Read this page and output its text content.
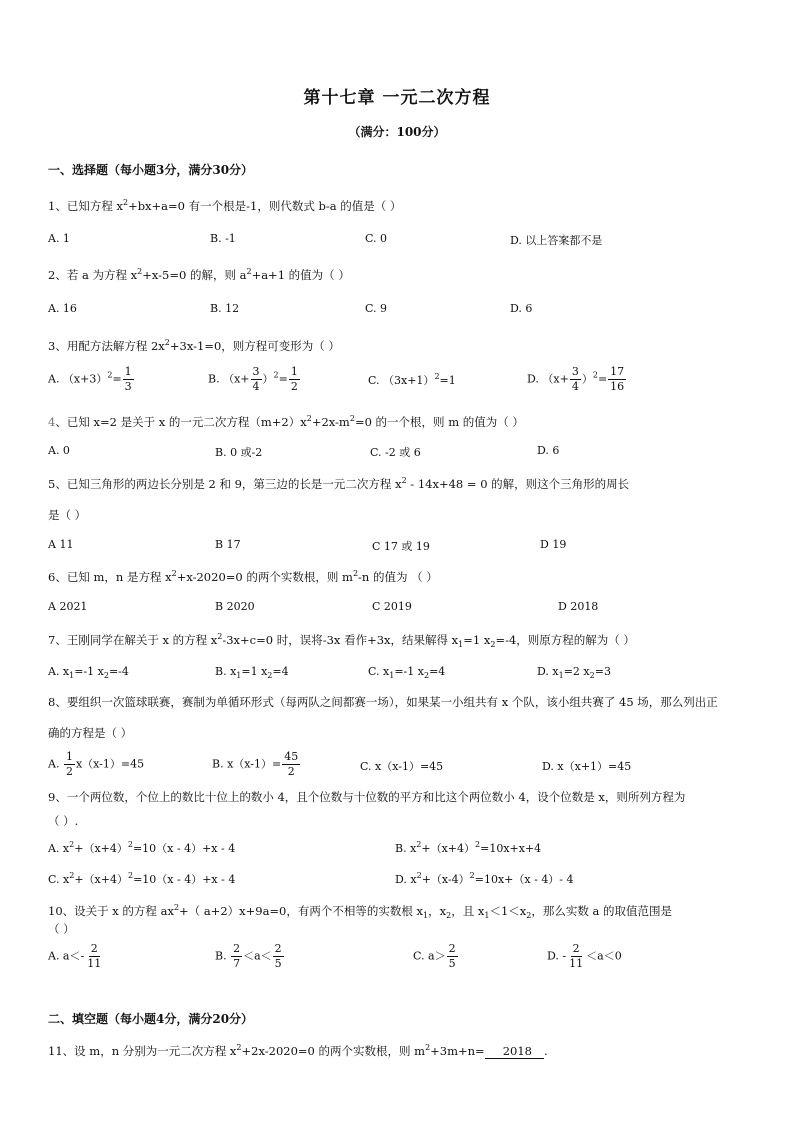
第十七章 一元二次方程
（满分：100分）
一、选择题（每小题3分，满分30分）
1、已知方程 $x^2+bx+a=0$ 有一个根是-1，则代数式 b-a 的值是（ ）
A. 1	B. -1	C. 0	D. 以上答案都不是
2、若 a 为方程 $x^2+x-5=0$ 的解，则 $a^2+a+1$ 的值为（ ）
A. 16	B. 12	C. 9	D. 6
3、用配方法解方程 $2x^2+3x-1=0$，则方程可变形为（ ）
A. $(x+3)^2= \frac{1}{3}$	B. $(x+ \frac{3}{4} )^2= \frac{1}{2}$	C. $(3x+1)^2=1$	D. $(x+ \frac{3}{4} )^2= \frac{17}{16}$
4、已知 x=2 是关于 x 的一元二次方程$(m+2)x^2+2x-m^2=0$ 的一个根，则 m 的值为（ ）
A. 0	B. 0 或-2	C. -2 或 6	D. 6
5、已知三角形的两边长分别是 2 和 9，第三边的长是一元二次方程 $x^2 - 14x+48 = 0$ 的解，则这个三角形的周长
是（ ）
A 11	B 17	C 17 或 19	D 19
6、已知 m，n 是方程 $x^2+x-2020=0$ 的两个实数根，则 $m^2-n$ 的值为 （ ）
A 2021	B 2020	C 2019	D 2018
7、王刚同学在解关于 x 的方程 $x^2-3x+c=0$ 时，误将-3x 看作+3x，结果解得 $x_1=1$ $x_2=-4$，则原方程的解为（ ）
A. $x_1=-1$ $x_2=-4$	B. $x_1=1$ $x_2=4$	C. $x_1=-1$ $x_2=4$	D. $x_1=2$ $x_2=3$
8、要组织一次篮球联赛，赛制为单循环形式（每两队之间都赛一场），如果某一小组共有 x 个队，该小组共赛了 45 场，那么列出正
确的方程是（ ）
A. $\frac{1}{2} x(x-1)=45$	B. $x(x-1)= \frac{45}{2}$	C. x（x-1）=45	D. x（x+1）=45
9、一个两位数，个位上的数比十位上的数小 4，且个位数与十位数的平方和比这个两位数小 4，设个位数是 x，则所列方程为
（ ）.
A. $x^2+(x+4)^2=10(x - 4)+x - 4$	B. $x^2+(x+4)^2=10x+x+4$
C. $x^2+(x+4)^2=10(x - 4)+x - 4$	D. $x^2+(x-4)^2=10x+(x - 4)-$ 4
10、设关于 x 的方程 $ax^2+$（ a+2）x+9a=0，有两个不相等的实数根 $x_1$，$x_2$，且 $x_1<1<x_2$，那么实数 a 的取值范围是
（ ）
A. $a<- \frac{2}{11}$	B. $\frac{2}{7} <a< \frac{2}{5}$	C. $a> \frac{2}{5}$	D. - $\frac{2}{11} <a<0$
二、填空题（每小题4分，满分20分）
11、设 m，n 分别为一元二次方程 $x^2+2x-2020=0$ 的两个实数根，则 $m^2+3m+n= 2018$ .
